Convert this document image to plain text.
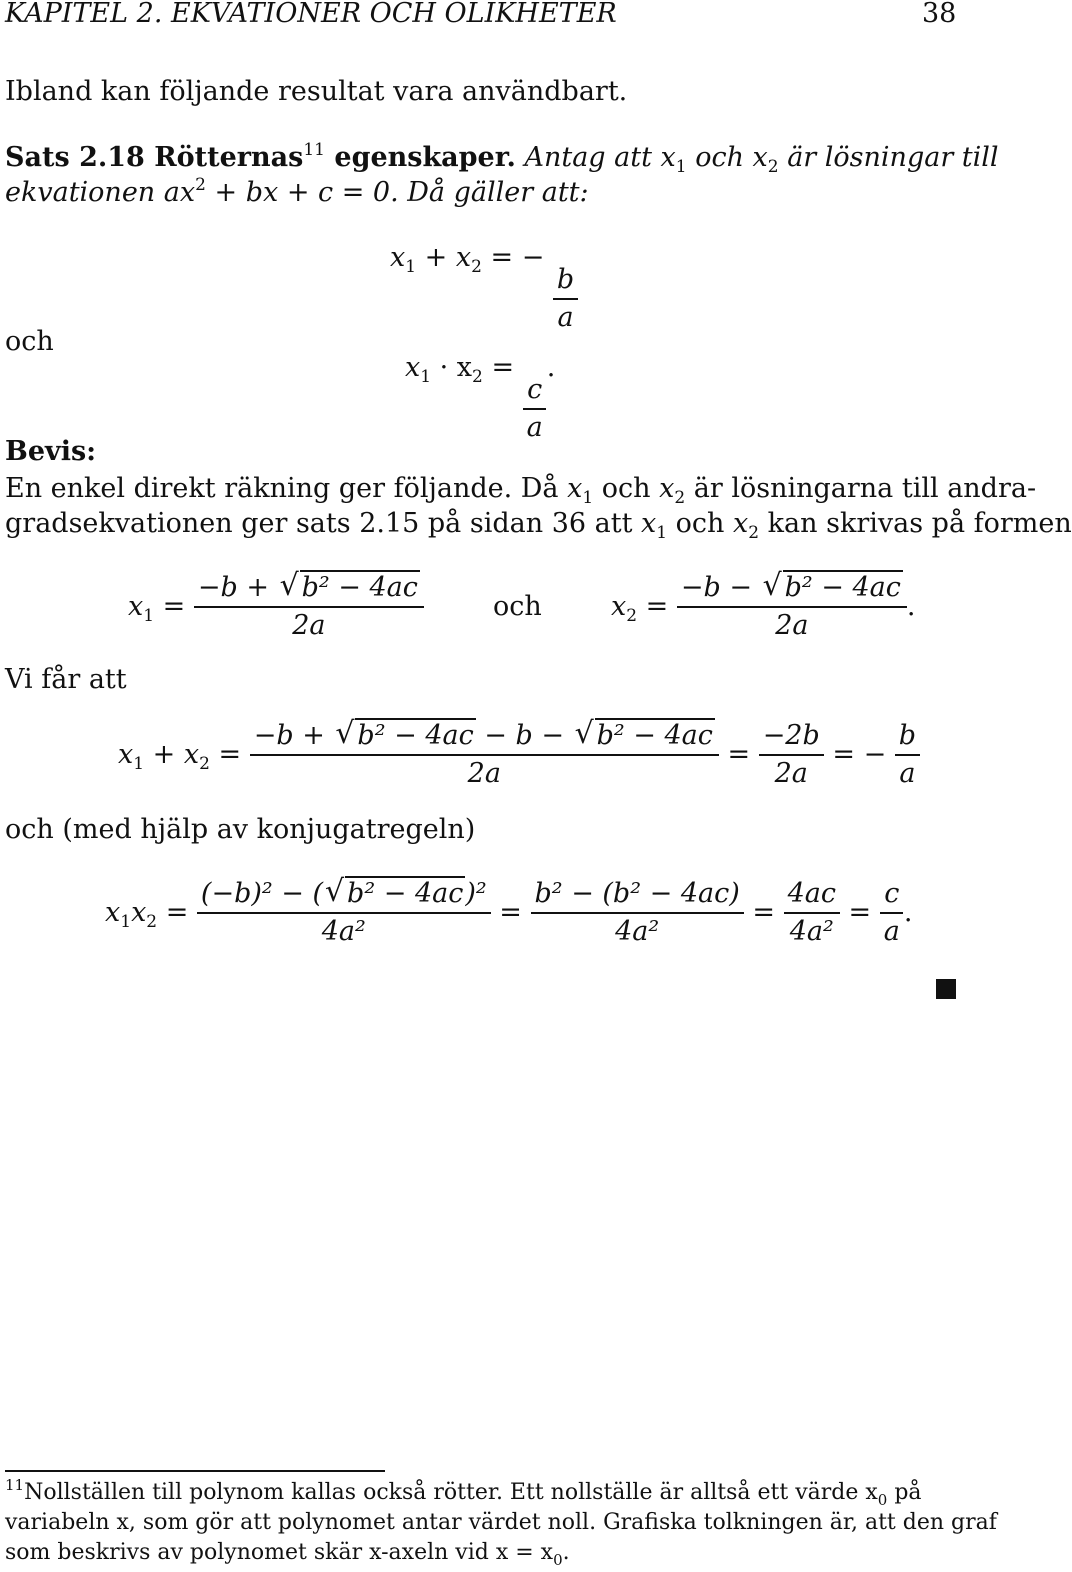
KAPITEL 2. EKVATIONER OCH OLIKHETER	38
Ibland kan följande resultat vara användbart.
Sats 2.18 Rötternas$^{11}$ egenskaper. Antag att $x_1$ och $x_2$ är lösningar till
ekvationen $ax^2$ + bx + c = 0. Då gäller att:
$x_1 + x_2$ = −
$\frac{b}{a}$
och
$x_1 \cdot x_2$ =
$\frac{c}{a}$
.
Bevis:
En enkel direkt räkning ger följande. Då $x_1$ och $x_2$ är lösningarna till andra-
gradsekvationen ger sats 2.15 på sidan 36 att $x_1$ och $x_2$ kan skrivas på formen
$x_1 = \frac{\text{−b + √ b² − 4ac}}{2a}$	och	$x_2 = \frac{\text{−b − √ b² − 4ac}}{2a}$ .
Vi får att
$x_1 + x_2 = \frac{\text{−b + √ b² − 4ac − b − √ b² − 4ac}}{2a} = \frac{-2b}{2a}$ = − $\frac{b}{a}$
och (med hjälp av konjugatregeln)
$x_1x_2 = \frac{\text{(−b)² − (√ b² − 4ac)²}}{\text{4a²}} = \frac{\text{b² − (b² − 4ac)}}{\text{4a²}} = \frac{4ac}{\text{4a²}} = \frac{c}{a}$ .
$^{11}$Nollställen till polynom kallas också rötter. Ett nollställe är alltså ett värde $x_0$ på
variabeln x, som gör att polynomet antar värdet noll. Grafiska tolkningen är, att den graf
som beskrivs av polynomet skär x-axeln vid $x = x_0$.
